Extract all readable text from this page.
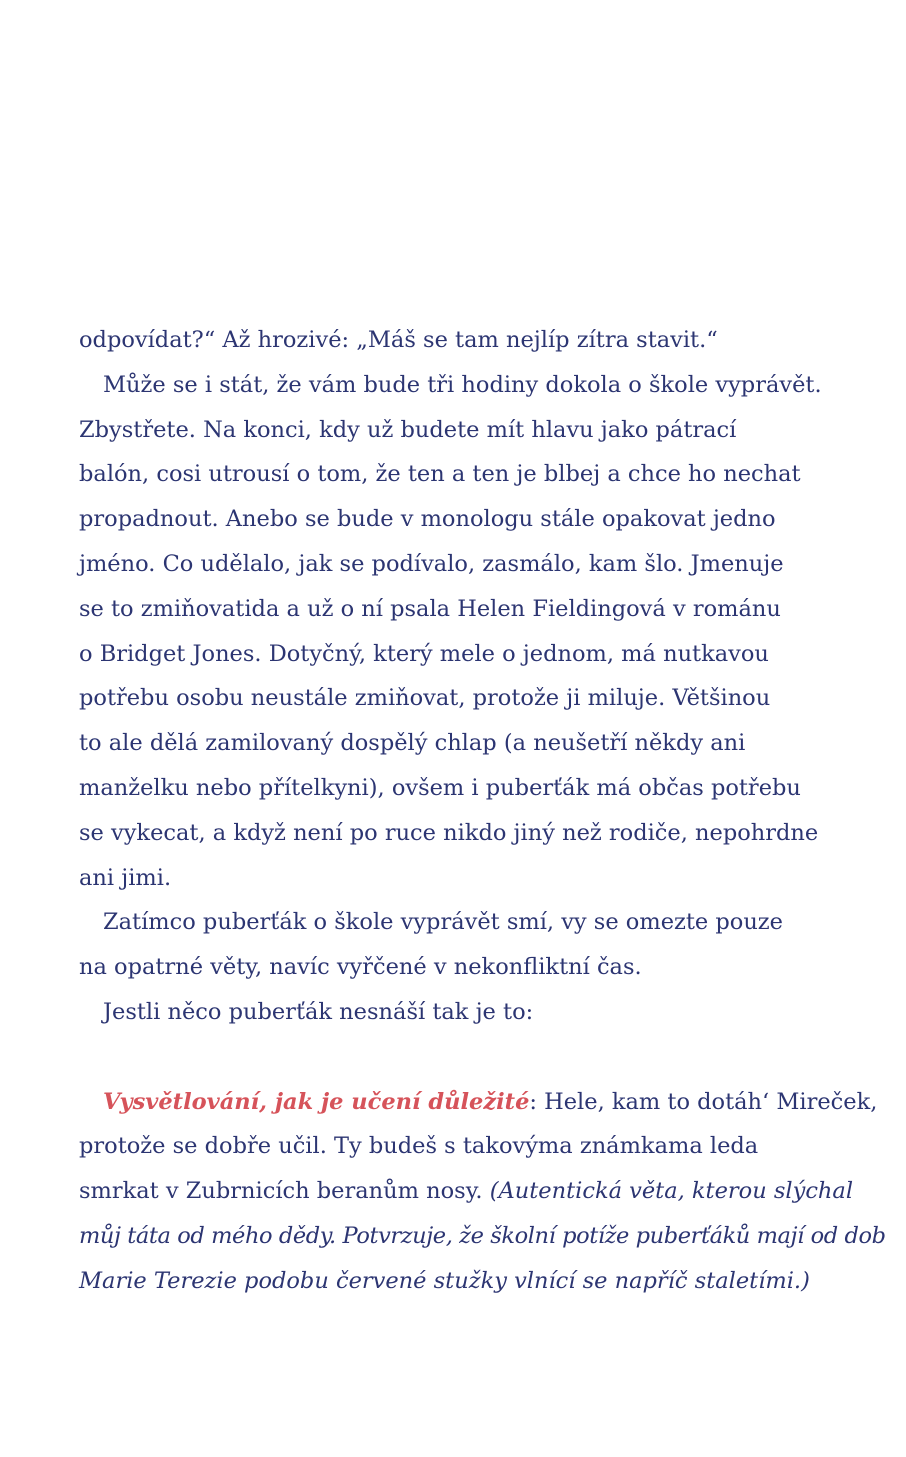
odpovídat?“ Až hrozivé: „Máš se tam nejlíp zítra stavit.“
Může se i stát, že vám bude tři hodiny dokola o škole vyprávět.
Zbystřete. Na konci, kdy už budete mít hlavu jako pátrací
balón, cosi utrousí o tom, že ten a ten je blbej a chce ho nechat
propadnout. Anebo se bude v monologu stále opakovat jedno
jméno. Co udělalo, jak se podívalo, zasmálo, kam šlo. Jmenuje
se to zmiňovatida a už o ní psala Helen Fieldingová v románu
o Bridget Jones. Dotyčný, který mele o jednom, má nutkavou
potřebu osobu neustále zmiňovat, protože ji miluje. Většinou
to ale dělá zamilovaný dospělý chlap (a neušetří někdy ani
manželku nebo přítelkyni), ovšem i puberťák má občas potřebu
se vykecat, a když není po ruce nikdo jiný než rodiče, nepohrdne
ani jimi.
Zatímco puberťák o škole vyprávět smí, vy se omezte pouze
na opatrné věty, navíc vyřčené v nekonfliktní čas.
Jestli něco puberťák nesnáší tak je to:
Vysvětlování, jak je učení důležité: Hele, kam to dotáh‘ Mireček,
protože se dobře učil. Ty budeš s takovýma známkama leda
smrkat v Zubrnicích beranům nosy. (Autentická věta, kterou slýchal
můj táta od mého dědy. Potvrzuje, že školní potíže puberťáků mají od dob
Marie Terezie podobu červené stužky vlnící se napříč staletími.)
